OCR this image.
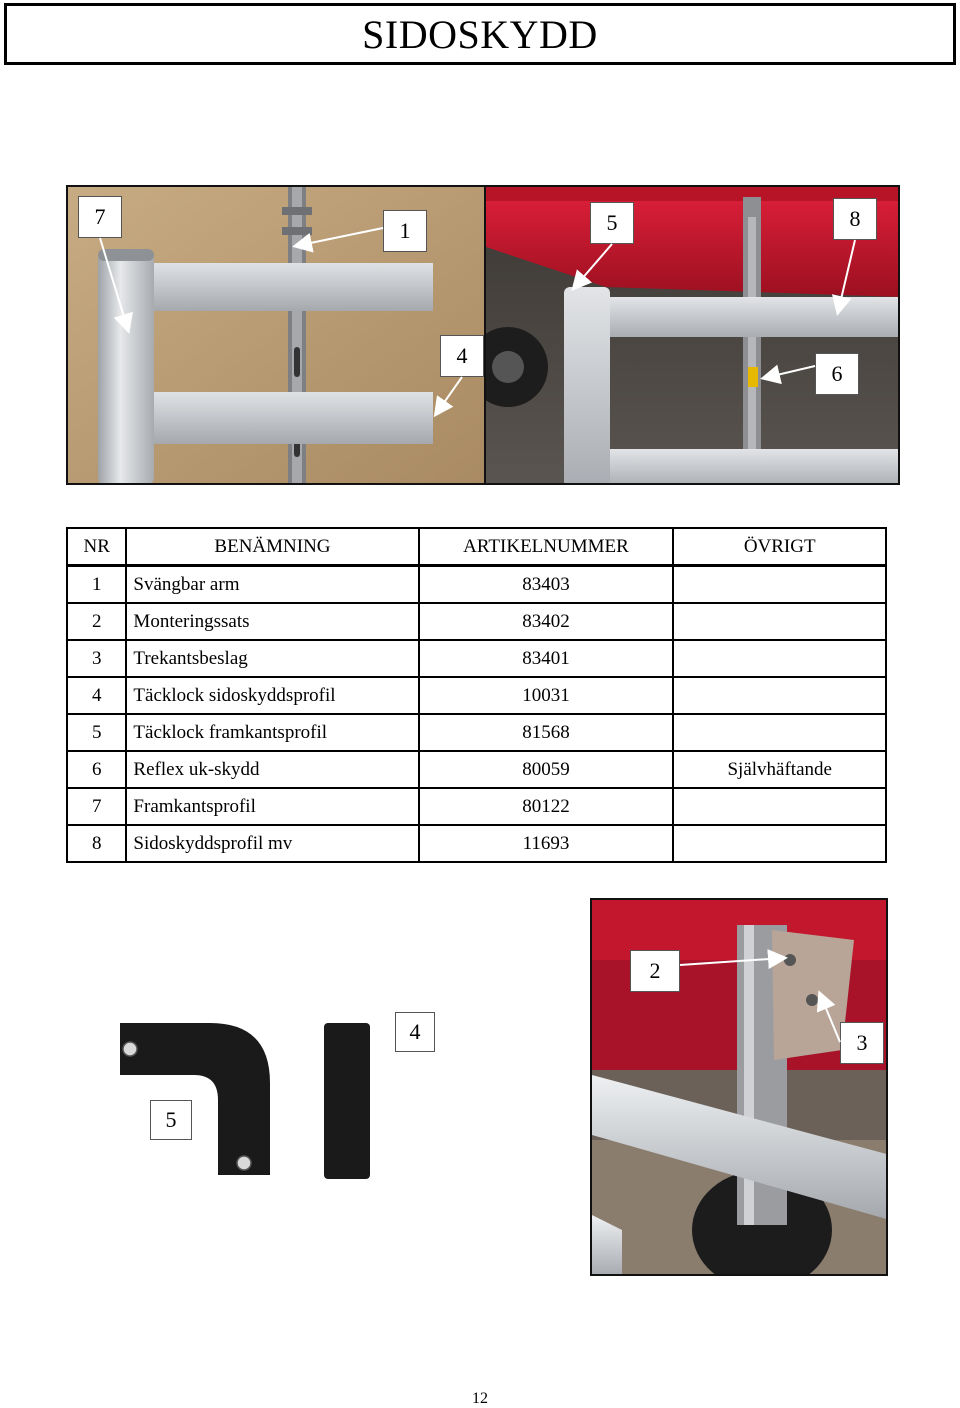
SIDOSKYDD
7
1
4
5	8
6
NR	BENÄMNING	ARTIKELNUMMER	ÖVRIGT
1	Svängbar arm	83403	
2	Monteringssats	83402	
3	Trekantsbeslag	83401	
4	Täcklock sidoskyddsprofil	10031	
5	Täcklock framkantsprofil	81568	
6	Reflex uk-skydd	80059	Självhäftande
7	Framkantsprofil	80122	
8	Sidoskyddsprofil mv	11693	
4
5
2
3
12
